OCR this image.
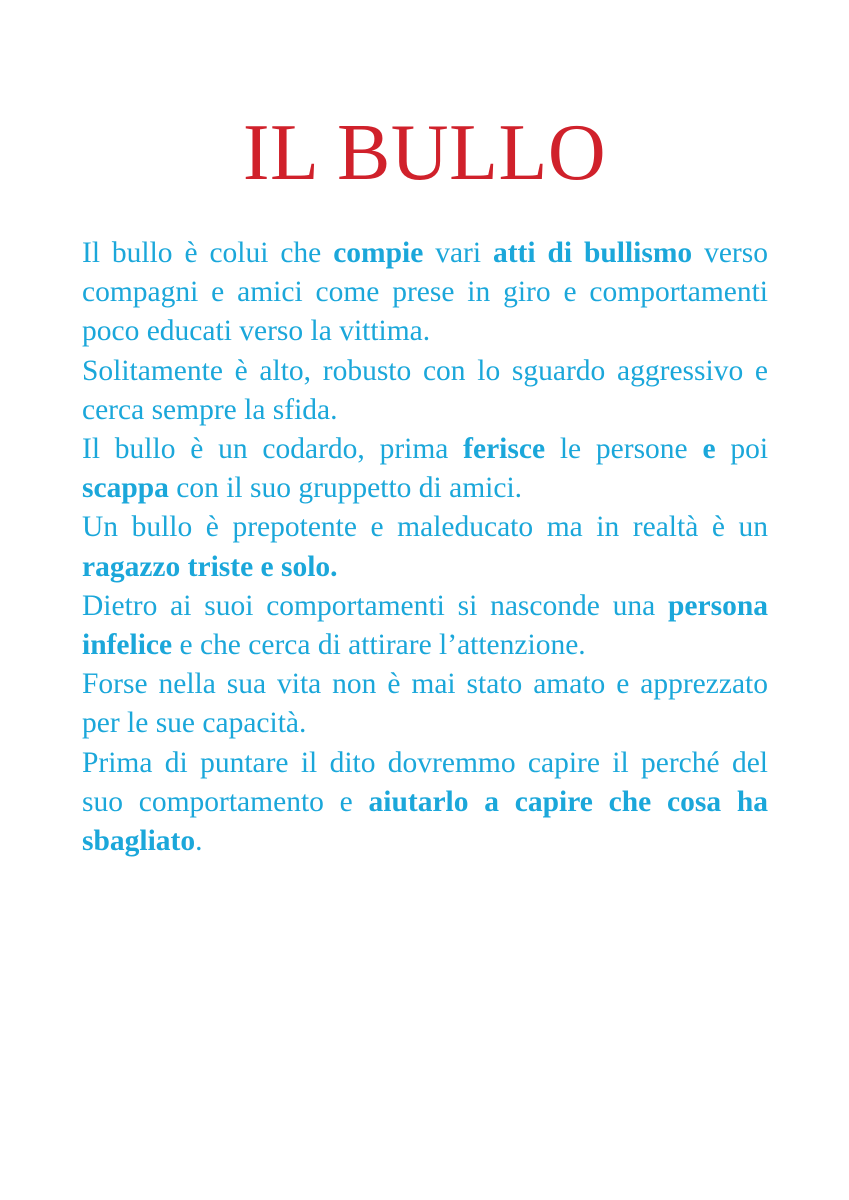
IL BULLO

Il bullo è colui che compie vari atti di bullismo verso compagni e amici come prese in giro e comportamenti poco educati verso la vittima.

Solitamente è alto, robusto con lo sguardo aggressivo e cerca sempre la sfida.

Il bullo è un codardo, prima ferisce le persone e poi scappa con il suo gruppetto di amici.

Un bullo è prepotente e maleducato ma in realtà è un ragazzo triste e solo.

Dietro ai suoi comportamenti si nasconde una persona infelice e che cerca di attirare l’attenzione.

Forse nella sua vita non è mai stato amato e apprezzato per le sue capacità.

Prima di puntare il dito dovremmo capire il perché del suo comportamento e aiutarlo a capire che cosa ha sbagliato.
